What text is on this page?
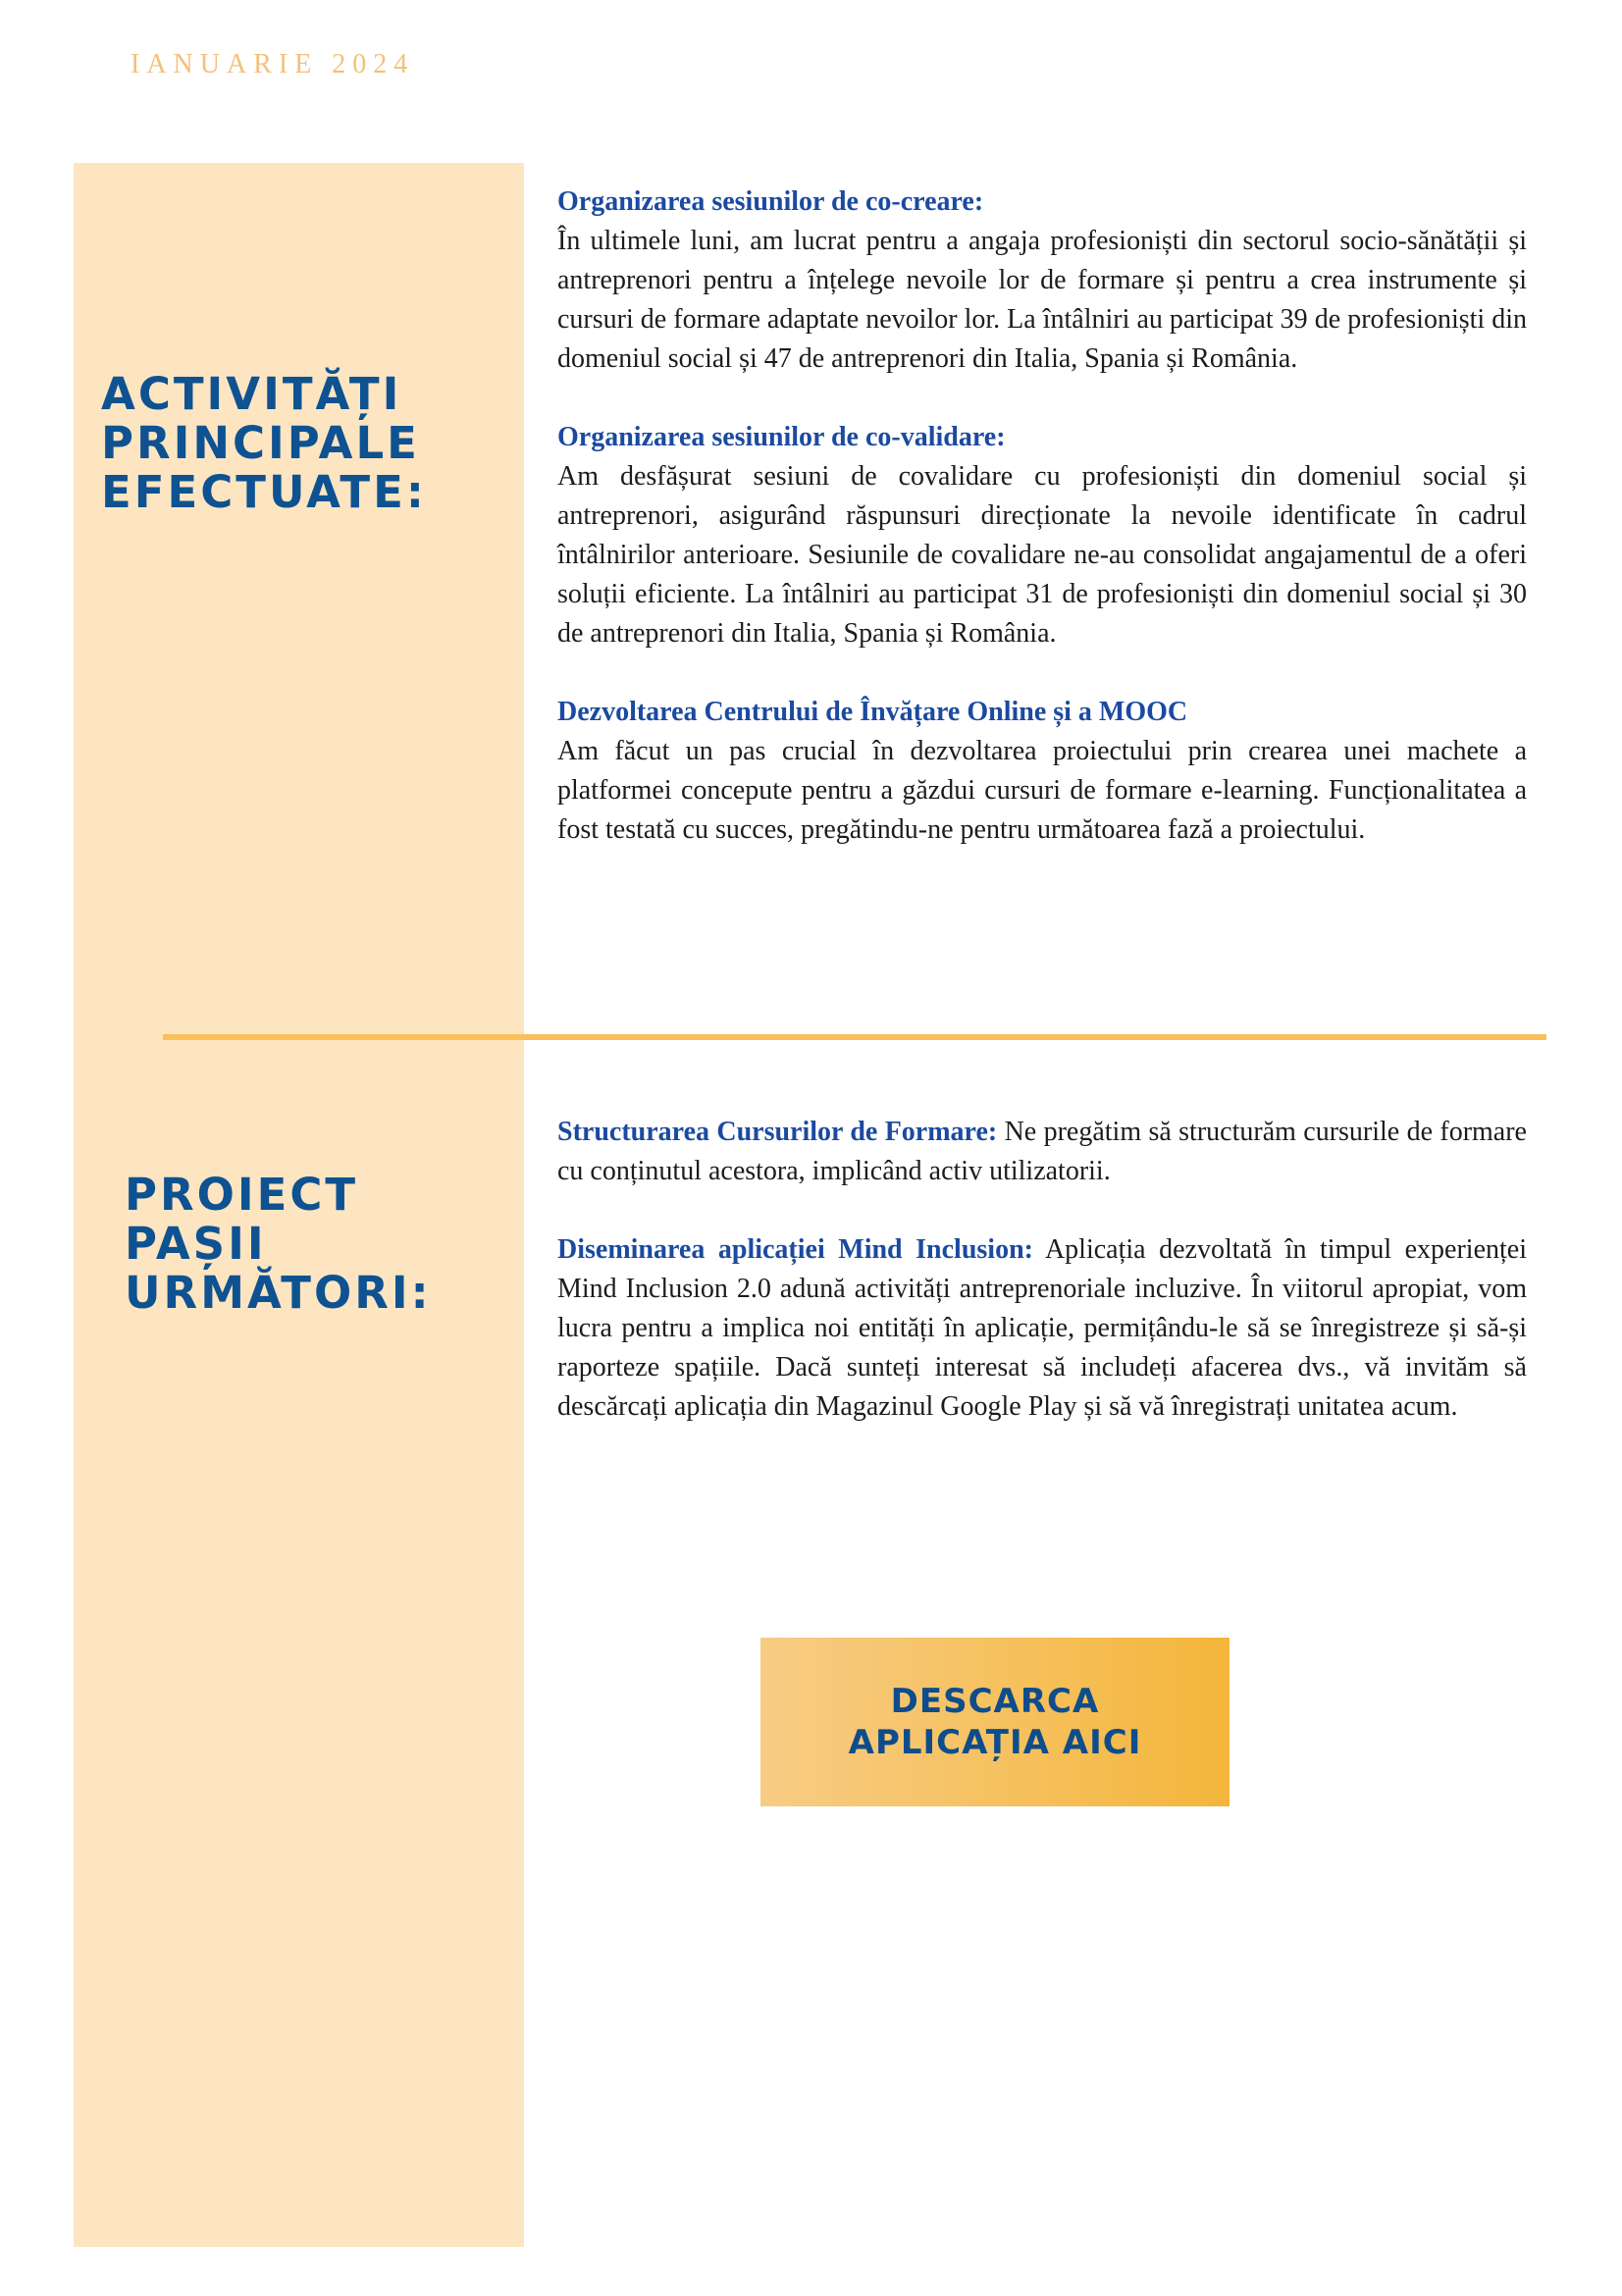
IANUARIE 2024
ACTIVITĂȚI
PRINCIPALE
EFECTUATE:
Organizarea sesiunilor de co-creare:
În ultimele luni, am lucrat pentru a angaja profesioniști din sectorul socio-sănătății și antreprenori pentru a înțelege nevoile lor de formare și pentru a crea instrumente și cursuri de formare adaptate nevoilor lor. La întâlniri au participat 39 de profesioniști din domeniul social și 47 de antreprenori din Italia, Spania și România.
Organizarea sesiunilor de co-validare:
Am desfășurat sesiuni de covalidare cu profesioniști din domeniul social și antreprenori, asigurând răspunsuri direcționate la nevoile identificate în cadrul întâlnirilor anterioare. Sesiunile de covalidare ne-au consolidat angajamentul de a oferi soluții eficiente. La întâlniri au participat 31 de profesioniști din domeniul social și 30 de antreprenori din Italia, Spania și România.
Dezvoltarea Centrului de Învățare Online și a MOOC
Am făcut un pas crucial în dezvoltarea proiectului prin crearea unei machete a platformei concepute pentru a găzdui cursuri de formare e-learning. Funcționalitatea a fost testată cu succes, pregătindu-ne pentru următoarea fază a proiectului.
PROIECT
PAȘII
URMĂTORI:

Structurarea Cursurilor de Formare: Ne pregătim să structurăm cursurile de formare cu conținutul acestora, implicând activ utilizatorii.

Diseminarea aplicației Mind Inclusion: Aplicația dezvoltată în timpul experienței Mind Inclusion 2.0 adună activități antreprenoriale incluzive. În viitorul apropiat, vom lucra pentru a implica noi entități în aplicație, permițându-le să se înregistreze și să-și raporteze spațiile. Dacă sunteți interesat să includeți afacerea dvs., vă invităm să descărcați aplicația din Magazinul Google Play și să vă înregistrați unitatea acum.

DESCARCA
APLICAȚIA AICI
